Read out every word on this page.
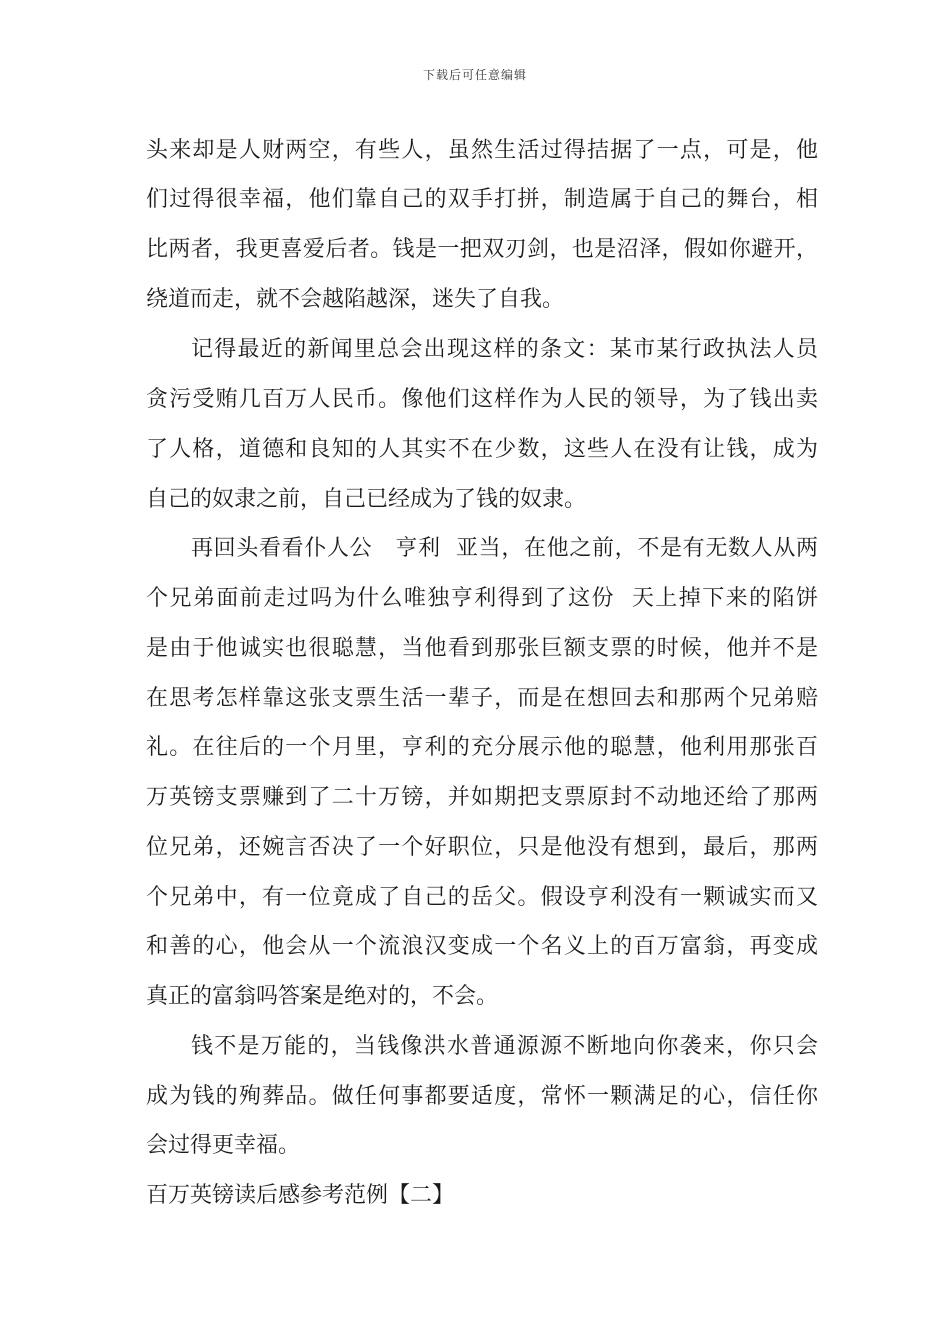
下载后可任意编辑
头来却是人财两空，有些人，虽然生活过得拮据了一点，可是，他
们过得很幸福，他们靠自己的双手打拼，制造属于自己的舞台，相
比两者，我更喜爱后者。钱是一把双刃剑，也是沼泽，假如你避开，
绕道而走，就不会越陷越深，迷失了自我。
记得最近的新闻里总会出现这样的条文：某市某行政执法人员
贪污受贿几百万人民币。像他们这样作为人民的领导，为了钱出卖
了人格，道德和良知的人其实不在少数，这些人在没有让钱，成为
自己的奴隶之前，自己已经成为了钱的奴隶。
再回头看看仆人公   亨利  亚当，在他之前，不是有无数人从两
个兄弟面前走过吗为什么唯独亨利得到了这份  天上掉下来的陷饼
是由于他诚实也很聪慧，当他看到那张巨额支票的时候，他并不是
在思考怎样靠这张支票生活一辈子，而是在想回去和那两个兄弟赔
礼。在往后的一个月里，亨利的充分展示他的聪慧，他利用那张百
万英镑支票赚到了二十万镑，并如期把支票原封不动地还给了那两
位兄弟，还婉言否决了一个好职位，只是他没有想到，最后，那两
个兄弟中，有一位竟成了自己的岳父。假设亨利没有一颗诚实而又
和善的心，他会从一个流浪汉变成一个名义上的百万富翁，再变成
真正的富翁吗答案是绝对的，不会。
钱不是万能的，当钱像洪水普通源源不断地向你袭来，你只会
成为钱的殉葬品。做任何事都要适度，常怀一颗满足的心，信任你
会过得更幸福。
百万英镑读后感参考范例【二】
